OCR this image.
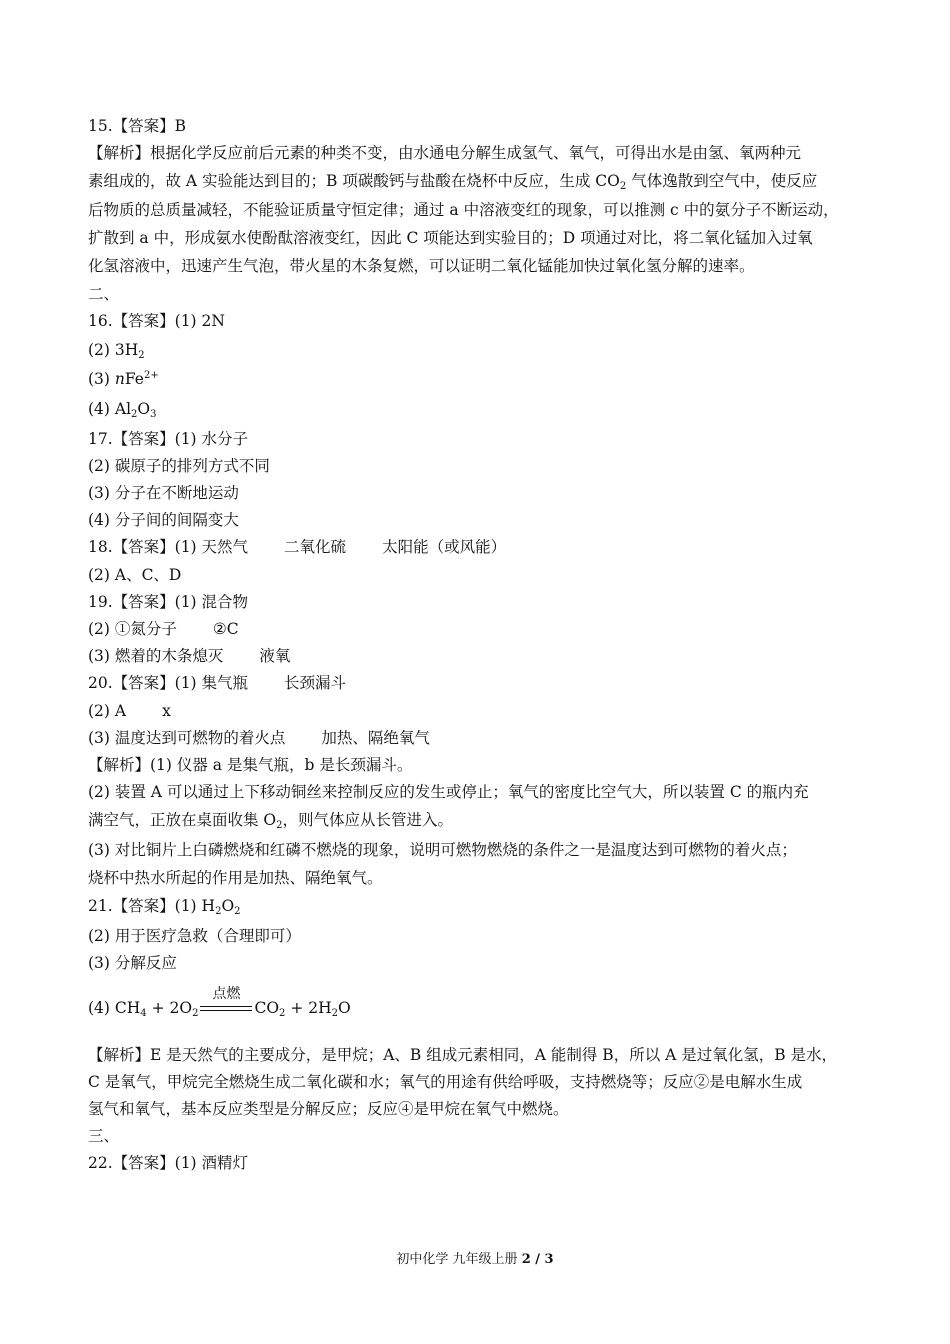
15.【答案】B
【解析】根据化学反应前后元素的种类不变，由水通电分解生成氢气、氧气，可得出水是由氢、氧两种元
素组成的，故 A 实验能达到目的；B 项碳酸钙与盐酸在烧杯中反应，生成 $CO_2$ 气体逸散到空气中，使反应
后物质的总质量减轻，不能验证质量守恒定律；通过 a 中溶液变红的现象，可以推测 c 中的氨分子不断运动，
扩散到 a 中，形成氨水使酚酞溶液变红，因此 C 项能达到实验目的；D 项通过对比，将二氧化锰加入过氧
化氢溶液中，迅速产生气泡，带火星的木条复燃，可以证明二氧化锰能加快过氧化氢分解的速率。
二、
16.【答案】(1) 2N
(2) $3H_2$
(3) nFe$^{2+}$
(4) $Al_2O_3$
17.【答案】(1) 水分子
(2) 碳原子的排列方式不同
(3) 分子在不断地运动
(4) 分子间的间隔变大
18.【答案】(1) 天然气 二氧化硫 太阳能（或风能）
(2) A、C、D
19.【答案】(1) 混合物
(2) ①氮分子 ②C
(3) 燃着的木条熄灭 液氧
20.【答案】(1) 集气瓶 长颈漏斗
(2) A x
(3) 温度达到可燃物的着火点 加热、隔绝氧气
【解析】(1) 仪器 a 是集气瓶，b 是长颈漏斗。
(2) 装置 A 可以通过上下移动铜丝来控制反应的发生或停止；氧气的密度比空气大，所以装置 C 的瓶内充
满空气，正放在桌面收集 $O_2$，则气体应从长管进入。
(3) 对比铜片上白磷燃烧和红磷不燃烧的现象，说明可燃物燃烧的条件之一是温度达到可燃物的着火点；
烧杯中热水所起的作用是加热、隔绝氧气。
21.【答案】(1) $H_2O_2$
(2) 用于医疗急救（合理即可）
(3) 分解反应
(4) $CH_4 + 2O_2$
点燃
$CO_2 + 2H_2O$
【解析】E 是天然气的主要成分，是甲烷；A、B 组成元素相同，A 能制得 B，所以 A 是过氧化氢，B 是水，
C 是氧气，甲烷完全燃烧生成二氧化碳和水；氧气的用途有供给呼吸，支持燃烧等；反应②是电解水生成
氢气和氧气，基本反应类型是分解反应；反应④是甲烷在氧气中燃烧。
三、
22.【答案】(1) 酒精灯
初中化学 九年级上册 2 / 3
